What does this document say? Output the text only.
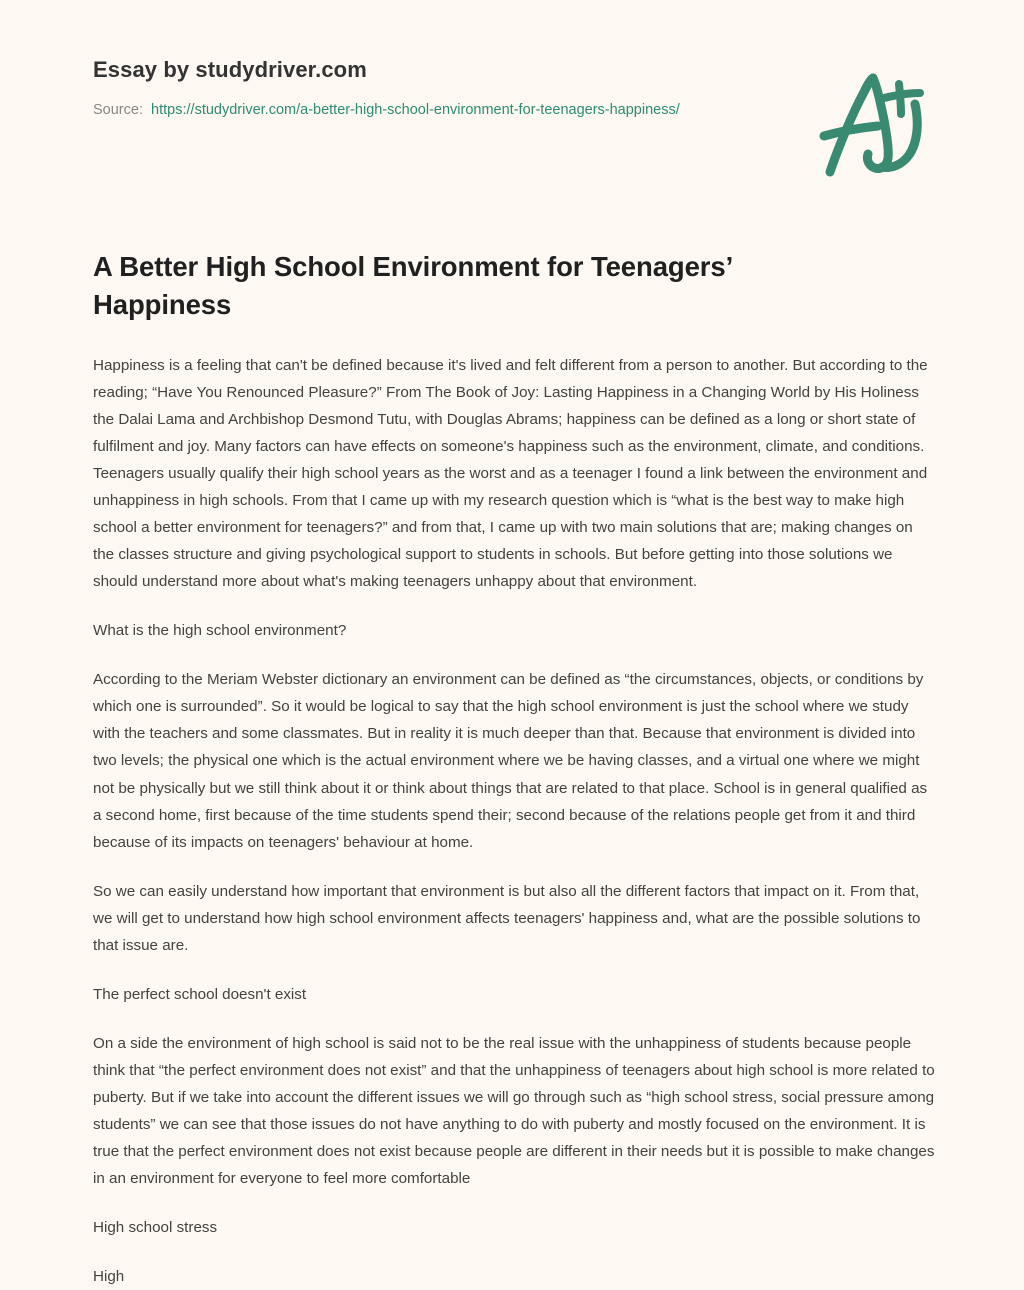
Essay by studydriver.com
Source: https://studydriver.com/a-better-high-school-environment-for-teenagers-happiness/
A Better High School Environment for Teenagers’ Happiness

Happiness is a feeling that can't be defined because it's lived and felt different from a person to another. But according to the reading; “Have You Renounced Pleasure?” From The Book of Joy: Lasting Happiness in a Changing World by His Holiness the Dalai Lama and Archbishop Desmond Tutu, with Douglas Abrams; happiness can be defined as a long or short state of fulfilment and joy. Many factors can have effects on someone's happiness such as the environment, climate, and conditions. Teenagers usually qualify their high school years as the worst and as a teenager I found a link between the environment and unhappiness in high schools. From that I came up with my research question which is “what is the best way to make high school a better environment for teenagers?” and from that, I came up with two main solutions that are; making changes on the classes structure and giving psychological support to students in schools. But before getting into those solutions we should understand more about what's making teenagers unhappy about that environment.

What is the high school environment?

According to the Meriam Webster dictionary an environment can be defined as “the circumstances, objects, or conditions by which one is surrounded”. So it would be logical to say that the high school environment is just the school where we study with the teachers and some classmates. But in reality it is much deeper than that. Because that environment is divided into two levels; the physical one which is the actual environment where we be having classes, and a virtual one where we might not be physically but we still think about it or think about things that are related to that place. School is in general qualified as a second home, first because of the time students spend their; second because of the relations people get from it and third because of its impacts on teenagers' behaviour at home.

So we can easily understand how important that environment is but also all the different factors that impact on it. From that, we will get to understand how high school environment affects teenagers' happiness and, what are the possible solutions to that issue are.

The perfect school doesn't exist

On a side the environment of high school is said not to be the real issue with the unhappiness of students because people think that “the perfect environment does not exist” and that the unhappiness of teenagers about high school is more related to puberty. But if we take into account the different issues we will go through such as “high school stress, social pressure among students” we can see that those issues do not have anything to do with puberty and mostly focused on the environment. It is true that the perfect environment does not exist because people are different in their needs but it is possible to make changes in an environment for everyone to feel more comfortable

High school stress

High
